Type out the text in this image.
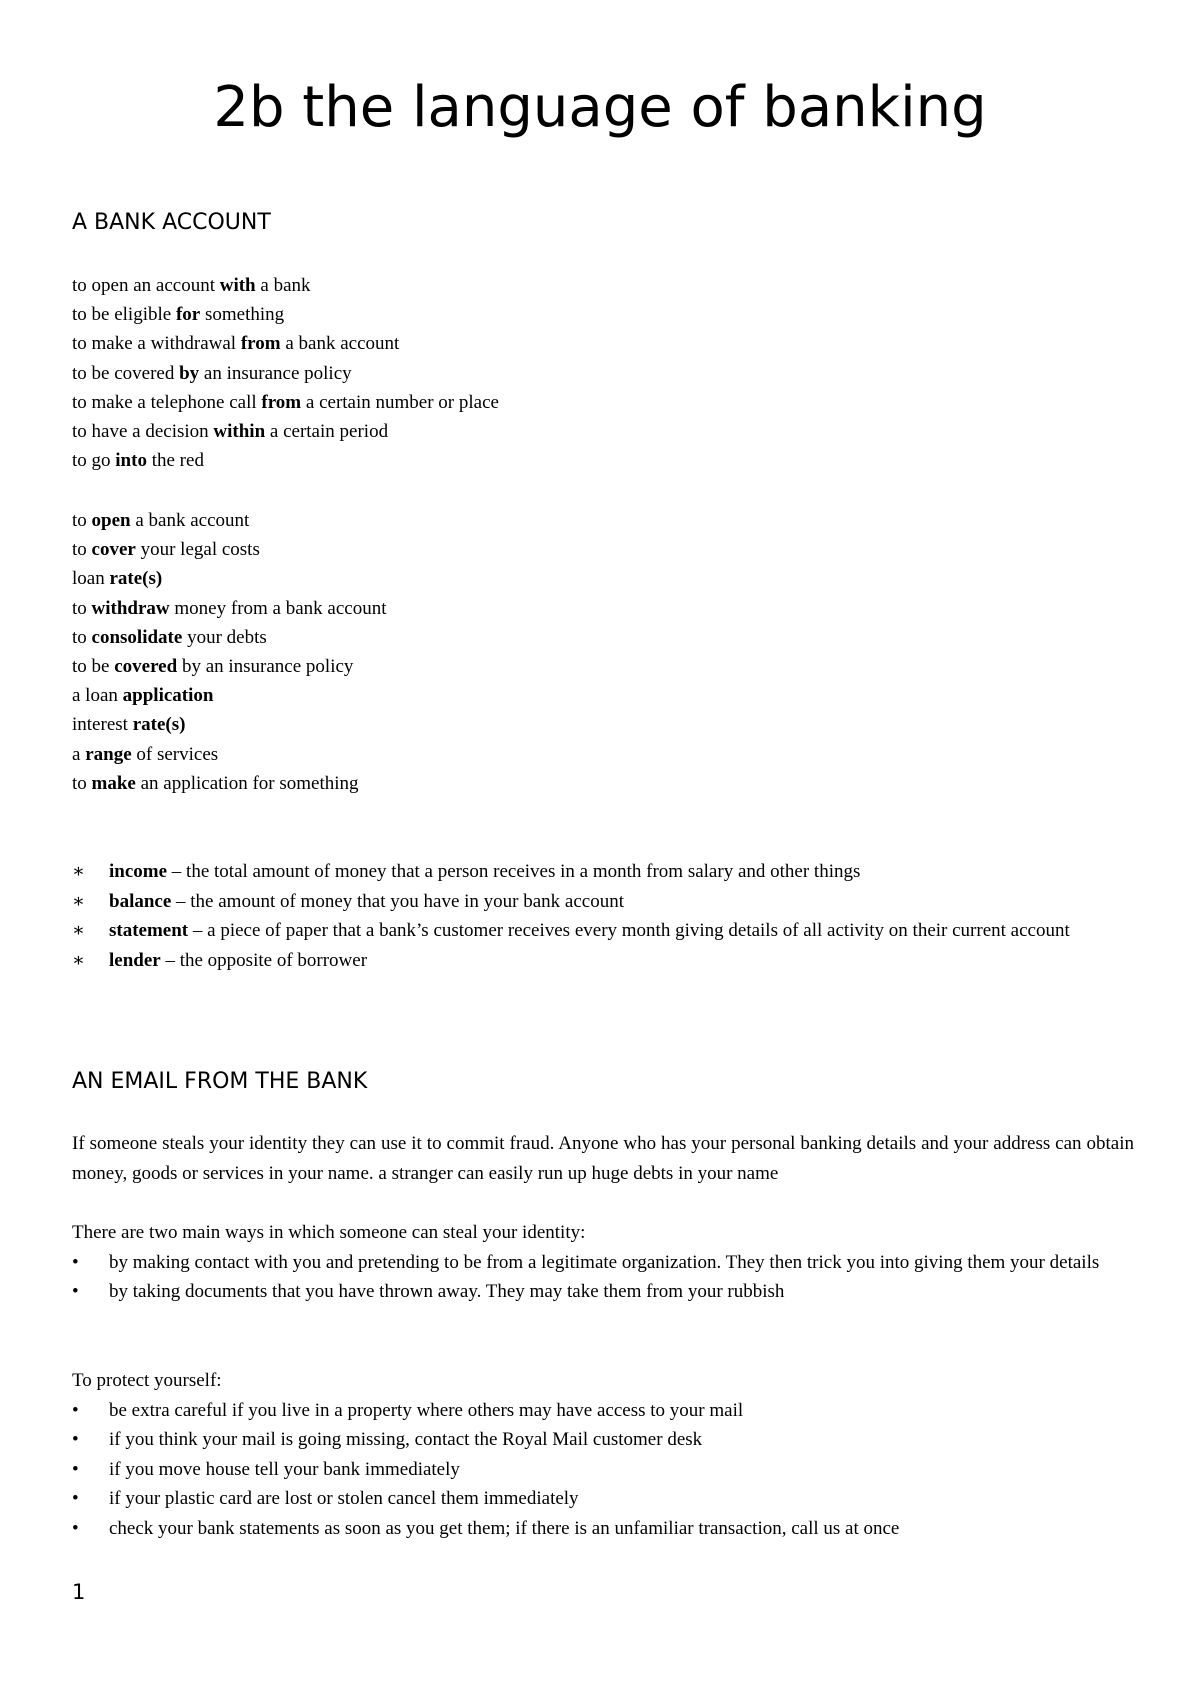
2b the language of banking
A BANK ACCOUNT
to open an account with a bank
to be eligible for something
to make a withdrawal from a bank account
to be covered by an insurance policy
to make a telephone call from a certain number or place
to have a decision within a certain period
to go into the red
to open a bank account
to cover your legal costs
loan rate(s)
to withdraw money from a bank account
to consolidate your debts
to be covered by an insurance policy
a loan application
interest rate(s)
a range of services
to make an application for something
∗ income – the total amount of money that a person receives in a month from salary and other things
∗ balance – the amount of money that you have in your bank account
∗ statement – a piece of paper that a bank’s customer receives every month giving details of all activity on their current account
∗ lender – the opposite of borrower
AN EMAIL FROM THE BANK

If someone steals your identity they can use it to commit fraud. Anyone who has your personal banking details and your address can obtain money, goods or services in your name. a stranger can easily run up huge debts in your name

There are two main ways in which someone can steal your identity:

• by making contact with you and pretending to be from a legitimate organization. They then trick you into giving them your details
• by taking documents that you have thrown away. They may take them from your rubbish

To protect yourself:

• be extra careful if you live in a property where others may have access to your mail
• if you think your mail is going missing, contact the Royal Mail customer desk
• if you move house tell your bank immediately
• if your plastic card are lost or stolen cancel them immediately
• check your bank statements as soon as you get them; if there is an unfamiliar transaction, call us at once
1
